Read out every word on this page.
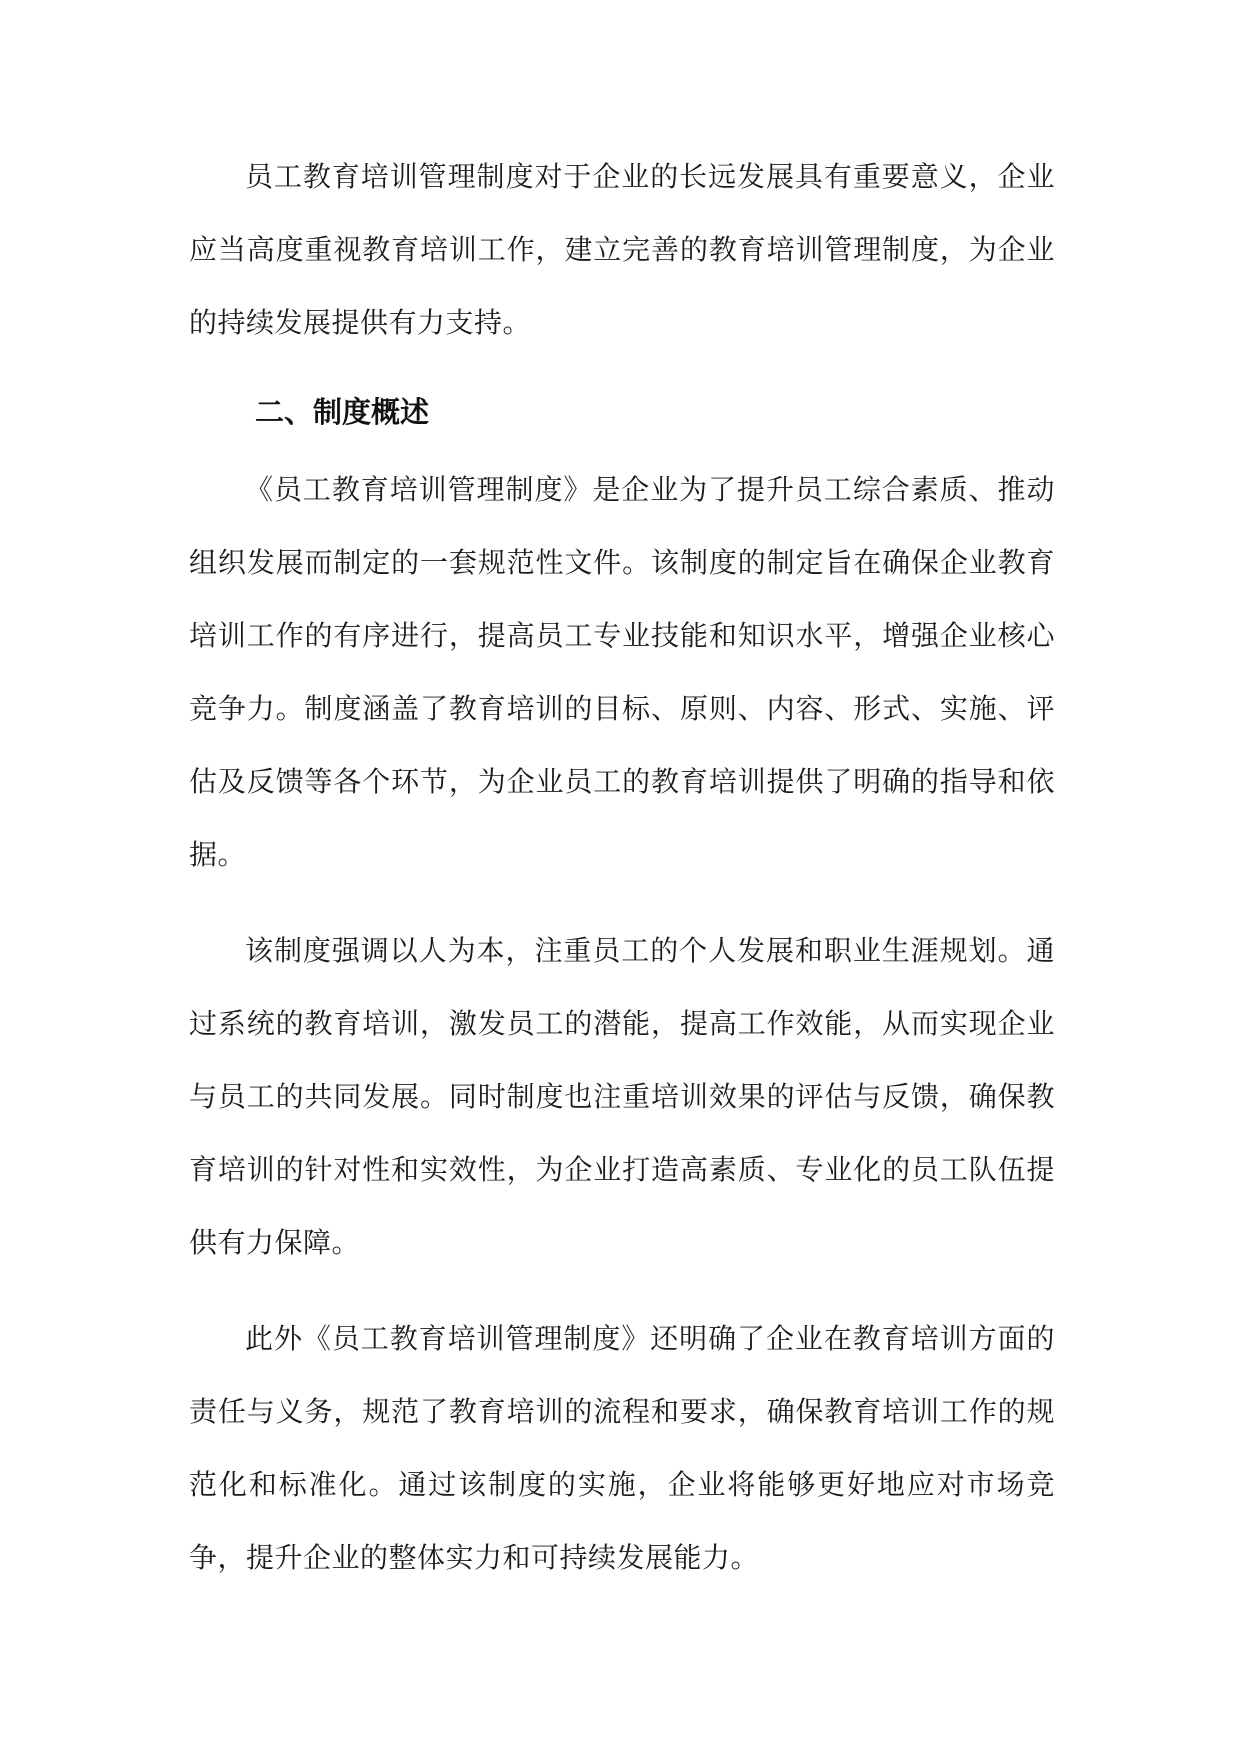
员工教育培训管理制度对于企业的长远发展具有重要意义，企业应当高度重视教育培训工作，建立完善的教育培训管理制度，为企业的持续发展提供有力支持。

二、制度概述

《员工教育培训管理制度》是企业为了提升员工综合素质、推动组织发展而制定的一套规范性文件。该制度的制定旨在确保企业教育培训工作的有序进行，提高员工专业技能和知识水平，增强企业核心竞争力。制度涵盖了教育培训的目标、原则、内容、形式、实施、评估及反馈等各个环节，为企业员工的教育培训提供了明确的指导和依据。

该制度强调以人为本，注重员工的个人发展和职业生涯规划。通过系统的教育培训，激发员工的潜能，提高工作效能，从而实现企业与员工的共同发展。同时制度也注重培训效果的评估与反馈，确保教育培训的针对性和实效性，为企业打造高素质、专业化的员工队伍提供有力保障。

此外《员工教育培训管理制度》还明确了企业在教育培训方面的责任与义务，规范了教育培训的流程和要求，确保教育培训工作的规范化和标准化。通过该制度的实施，企业将能够更好地应对市场竞争，提升企业的整体实力和可持续发展能力。
